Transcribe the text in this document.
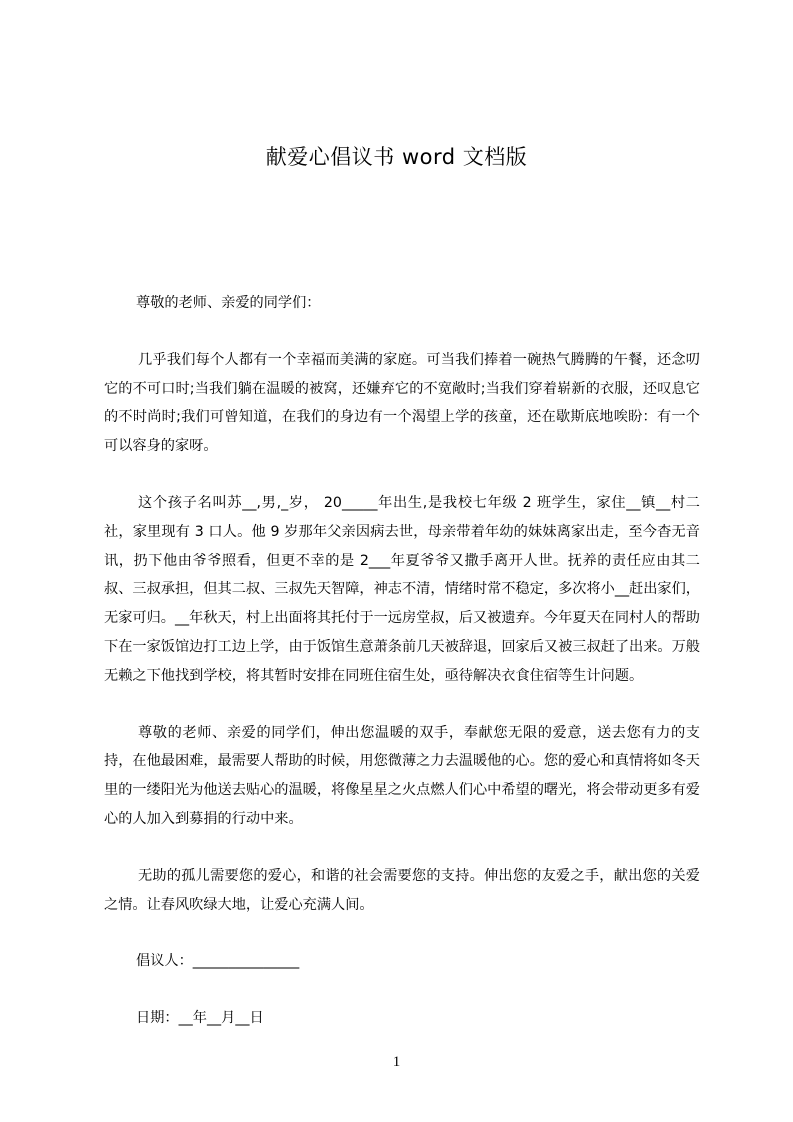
献爱心倡议书 word 文档版

尊敬的老师、亲爱的同学们：

几乎我们每个人都有一个幸福而美满的家庭。可当我们捧着一碗热气腾腾的午餐，还念叨它的不可口时;当我们躺在温暖的被窝，还嫌弃它的不宽敞时;当我们穿着崭新的衣服，还叹息它的不时尚时;我们可曾知道，在我们的身边有一个渴望上学的孩童，还在歇斯底地唉盼：有一个可以容身的家呀。

这个孩子名叫苏__,男,_岁， 20_____年出生,是我校七年级 2 班学生，家住__镇__村二社，家里现有 3 口人。他 9 岁那年父亲因病去世，母亲带着年幼的妹妹离家出走，至今杳无音讯，扔下他由爷爷照看，但更不幸的是 2___年夏爷爷又撒手离开人世。抚养的责任应由其二叔、三叔承担，但其二叔、三叔先天智障，神志不清，情绪时常不稳定，多次将小__赶出家们，无家可归。__年秋天，村上出面将其托付于一远房堂叔，后又被遗弃。今年夏天在同村人的帮助下在一家饭馆边打工边上学，由于饭馆生意萧条前几天被辞退，回家后又被三叔赶了出来。万般无赖之下他找到学校，将其暂时安排在同班住宿生处，亟待解决衣食住宿等生计问题。

尊敬的老师、亲爱的同学们，伸出您温暖的双手，奉献您无限的爱意，送去您有力的支持，在他最困难，最需要人帮助的时候，用您微薄之力去温暖他的心。您的爱心和真情将如冬天里的一缕阳光为他送去贴心的温暖，将像星星之火点燃人们心中希望的曙光，将会带动更多有爱心的人加入到募捐的行动中来。

无助的孤儿需要您的爱心，和谐的社会需要您的支持。伸出您的友爱之手，献出您的关爱之情。让春风吹绿大地，让爱心充满人间。

倡议人：_______________

日期：__年__月__日

1
